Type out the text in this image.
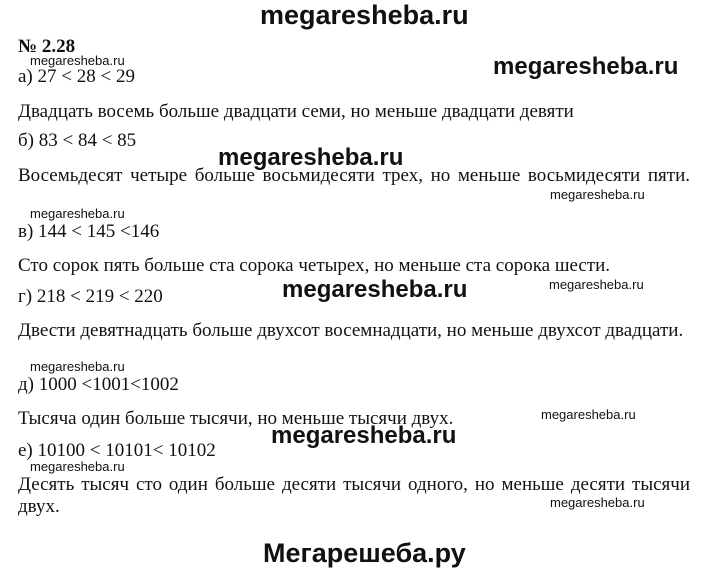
megaresheba.ru
№ 2.28
megaresheba.ru	megaresheba.ru
а) 27 < 28 < 29
Двадцать восемь больше двадцати семи, но меньше двадцати девяти
б) 83 < 84 < 85
megaresheba.ru
Восемьдесят четыре больше восьмидесяти трех, но меньше восьмидесяти пяти.
megaresheba.ru
megaresheba.ru
в) 144 < 145 <146
Сто сорок пять больше ста сорока четырех, но меньше ста сорока шести.
г) 218 < 219 < 220	megaresheba.ru	megaresheba.ru
Двести девятнадцать больше двухсот восемнадцати, но меньше двухсот двадцати.
megaresheba.ru
д) 1000 <1001<1002
Тысяча один больше тысячи, но меньше тысячи двух.	megaresheba.ru
megaresheba.ru
е) 10100 < 10101< 10102
megaresheba.ru
Десять тысяч сто один больше десяти тысячи одного, но меньше десяти тысячи двух.	megaresheba.ru
Мегарешеба.ру
